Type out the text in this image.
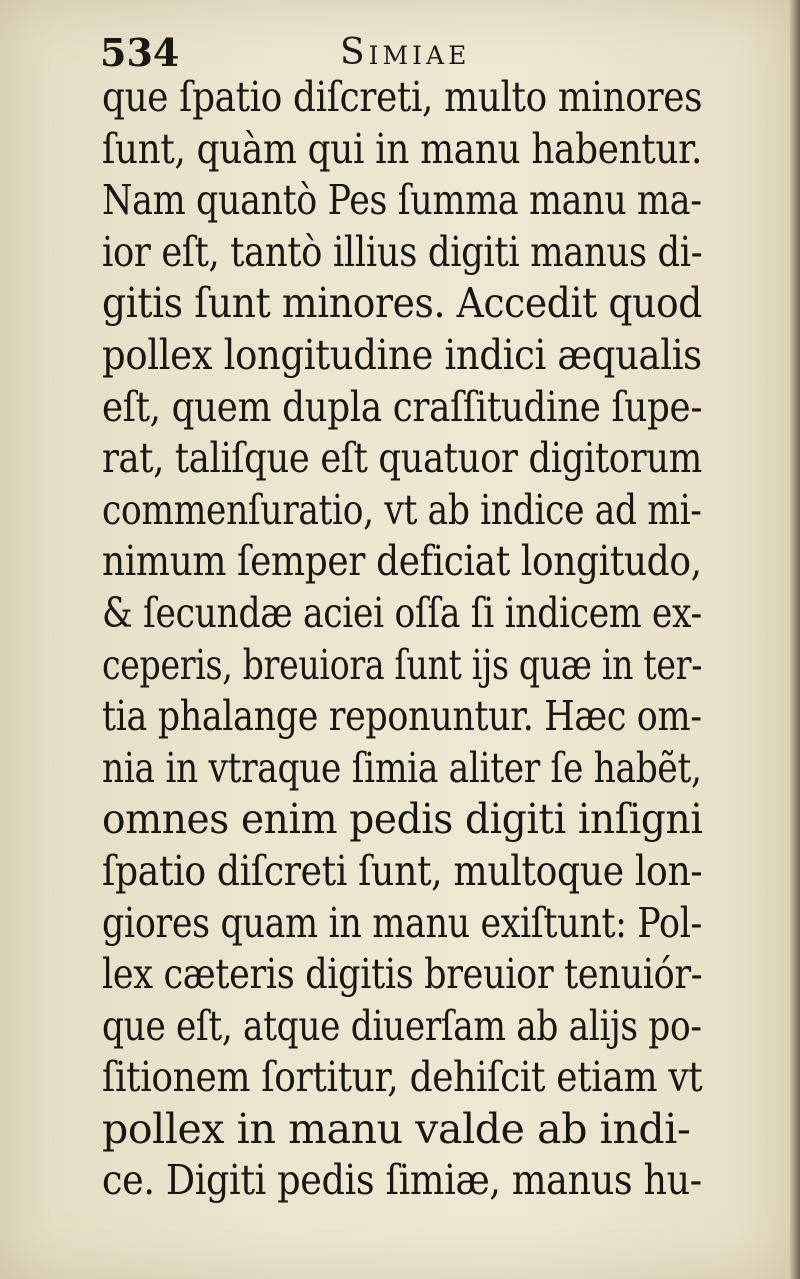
534	Simiae
que ſpatio diſcreti, multo minores
ſunt, quàm qui in manu habentur.
Nam quantò Pes ſumma manu ma-
ior eſt, tantò illius digiti manus di-
gitis ſunt minores. Accedit quod
pollex longitudine indici æqualis
eſt, quem dupla craſſitudine ſupe-
rat, taliſque eſt quatuor digitorum
commenſuratio, vt ab indice ad mi-
nimum ſemper deficiat longitudo,
& ſecundæ aciei oſſa ſi indicem ex-
ceperis, breuiora ſunt ijs quæ in ter-
tia phalange reponuntur. Hæc om-
nia in vtraque ſimia aliter ſe habẽt,
omnes enim pedis digiti inſigni
ſpatio diſcreti ſunt, multoque lon-
giores quam in manu exiſtunt: Pol-
lex cæteris digitis breuior tenuiór-
que eſt, atque diuerſam ab alijs po-
ſitionem ſortitur, dehiſcit etiam vt
pollex in manu valde ab indi-
ce. Digiti pedis ſimiæ, manus hu-
